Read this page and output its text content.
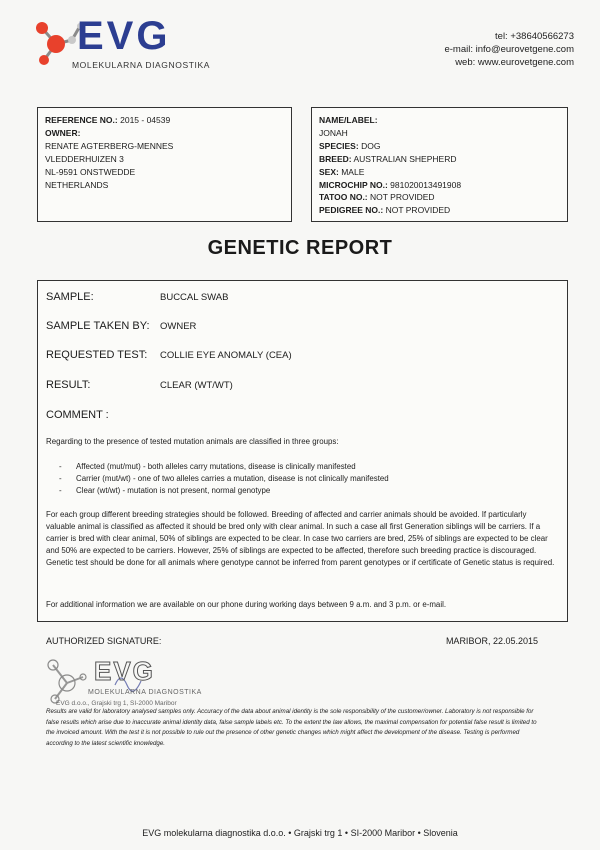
EVG
MOLEKULARNA DIAGNOSTIKA
tel: +38640566273
e-mail: info@eurovetgene.com
web: www.eurovetgene.com
REFERENCE NO.: 2015 - 04539
OWNER:
RENATE AGTERBERG-MENNES
VLEDDERHUIZEN 3
NL-9591 ONSTWEDDE
NETHERLANDS
NAME/LABEL:
JONAH
SPECIES: DOG
BREED: AUSTRALIAN SHEPHERD
SEX: MALE
MICROCHIP NO.: 981020013491908
TATOO NO.: NOT PROVIDED
PEDIGREE NO.: NOT PROVIDED
GENETIC REPORT
SAMPLE:	BUCCAL SWAB
SAMPLE TAKEN BY: OWNER
REQUESTED TEST: COLLIE EYE ANOMALY (CEA)
RESULT:	CLEAR (WT/WT)
COMMENT :
Regarding to the presence of tested mutation animals are classified in three groups:
- Affected (mut/mut) - both alleles carry mutations, disease is clinically manifested
- Carrier (mut/wt) - one of two alleles carries a mutation, disease is not clinically manifested
- Clear (wt/wt) - mutation is not present, normal genotype
For each group different breeding strategies should be followed. Breeding of affected and carrier animals should be avoided. If particularly valuable animal is classified as affected it should be bred only with clear animal. In such a case all first Generation siblings will be carriers. If a carrier is bred with clear animal, 50% of siblings are expected to be clear. In case two carriers are bred, 25% of siblings are expected to be clear and 50% are expected to be carriers. However, 25% of siblings are expected to be affected, therefore such breeding practice is discouraged. Genetic test should be done for all animals where genotype cannot be inferred from parent genotypes or if certificate of Genetic status is required.
For additional information we are available on our phone during working days between 9 a.m. and 3 p.m. or e-mail.
AUTHORIZED SIGNATURE:	MARIBOR, 22.05.2015
EVG
MOLEKULARNA DIAGNOSTIKA
EVG d.o.o., Grajski trg 1, SI-2000 Maribor
Results are valid for laboratory analysed samples only. Accuracy of the data about animal identity is the sole responsibility of the customer/owner. Laboratory is not responsible for false results which arise due to inaccurate animal identity data, false sample labels etc. To the extent the law allows, the maximal compensation for potential false result is limited to the invoiced amount. With the test it is not possible to rule out the presence of other genetic changes which might affect the development of the disease. Testing is performed according to the latest scientific knowledge.
EVG molekularna diagnostika d.o.o. • Grajski trg 1 • SI-2000 Maribor • Slovenia
